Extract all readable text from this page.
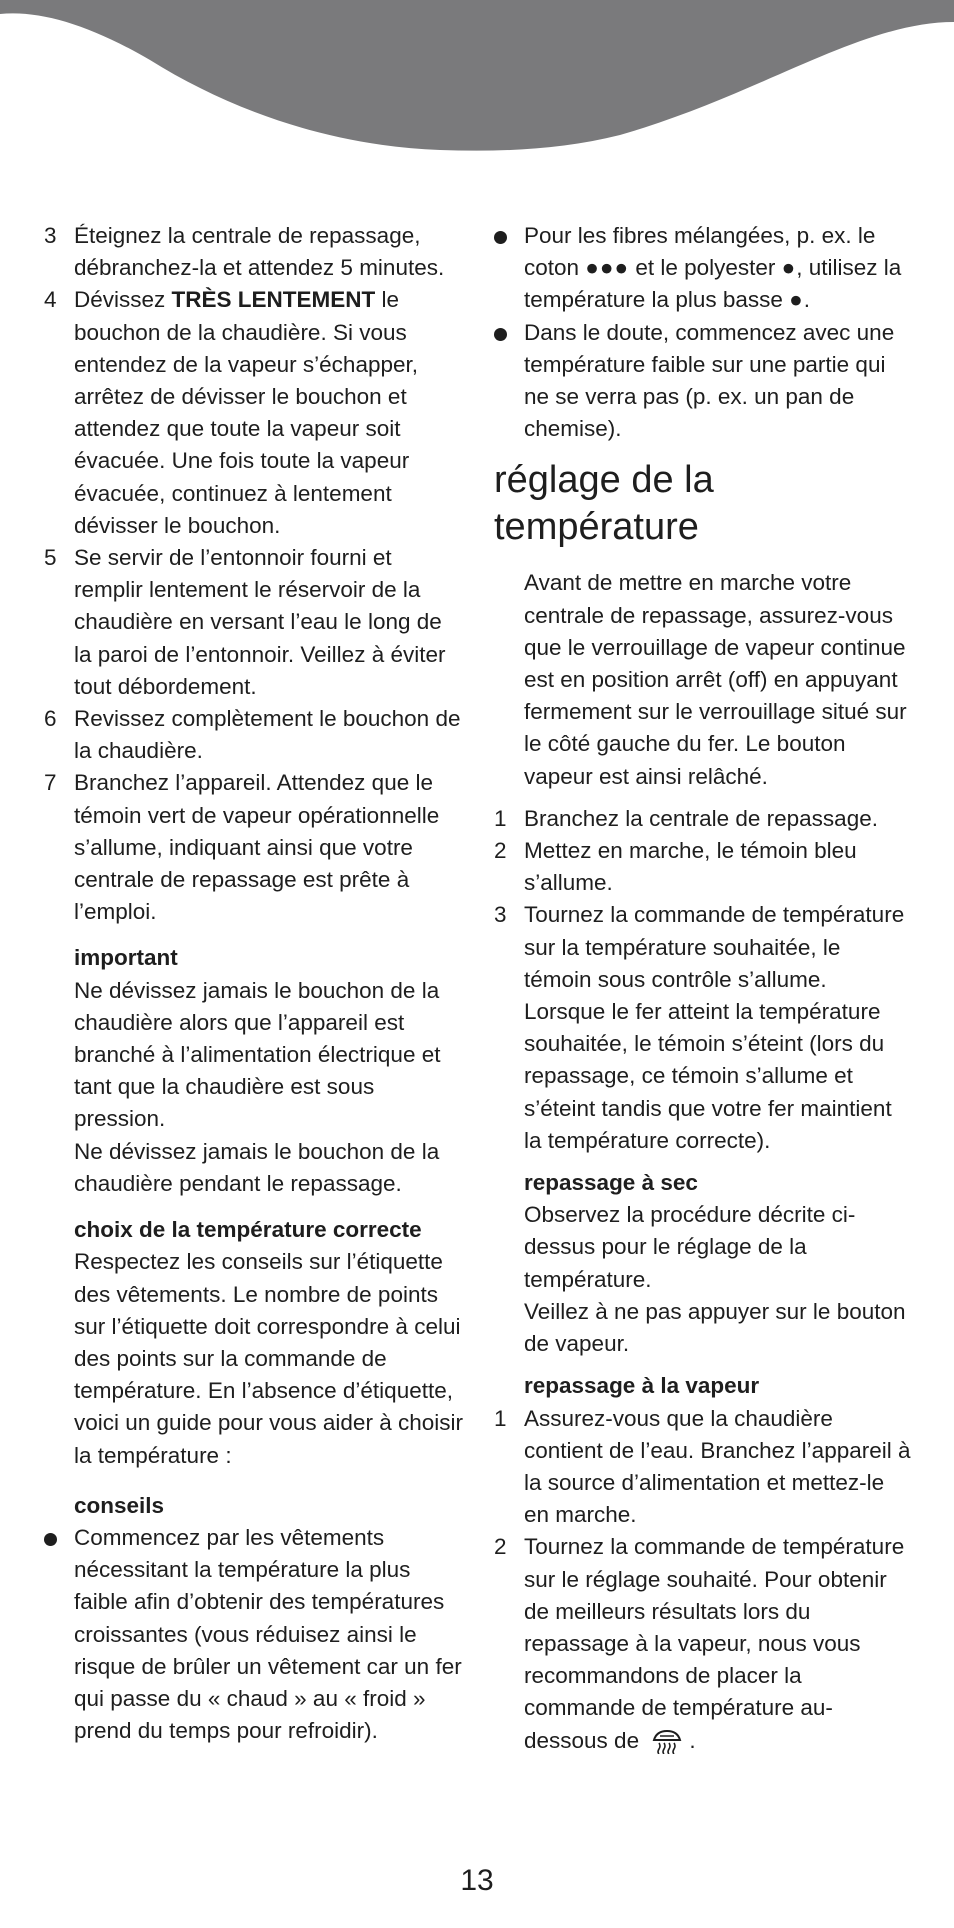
3 Éteignez la centrale de repassage, débranchez-la et attendez 5 minutes.
4 Dévissez TRÈS LENTEMENT le bouchon de la chaudière. Si vous entendez de la vapeur s’échapper, arrêtez de dévisser le bouchon et attendez que toute la vapeur soit évacuée. Une fois toute la vapeur évacuée, continuez à lentement dévisser le bouchon.
5 Se servir de l’entonnoir fourni et remplir lentement le réservoir de la chaudière en versant l’eau le long de la paroi de l’entonnoir. Veillez à éviter tout débordement.
6 Revissez complètement le bouchon de la chaudière.
7 Branchez l’appareil. Attendez que le témoin vert de vapeur opérationnelle s’allume, indiquant ainsi que votre centrale de repassage est prête à l’emploi.
important
Ne dévissez jamais le bouchon de la chaudière alors que l’appareil est branché à l’alimentation électrique et tant que la chaudière est sous pression.
Ne dévissez jamais le bouchon de la chaudière pendant le repassage.
choix de la température correcte
Respectez les conseils sur l’étiquette des vêtements. Le nombre de points sur l’étiquette doit correspondre à celui des points sur la commande de température. En l’absence d’étiquette, voici un guide pour vous aider à choisir la température :
conseils
Commencez par les vêtements nécessitant la température la plus faible afin d’obtenir des températures croissantes (vous réduisez ainsi le risque de brûler un vêtement car un fer qui passe du « chaud » au « froid » prend du temps pour refroidir).
Pour les fibres mélangées, p. ex. le coton ●●● et le polyester ●, utilisez la température la plus basse ●.
Dans le doute, commencez avec une température faible sur une partie qui ne se verra pas (p. ex. un pan de chemise).
réglage de la température
Avant de mettre en marche votre centrale de repassage, assurez-vous que le verrouillage de vapeur continue est en position arrêt (off) en appuyant fermement sur le verrouillage situé sur le côté gauche du fer. Le bouton vapeur est ainsi relâché.
1 Branchez la centrale de repassage.
2 Mettez en marche, le témoin bleu s’allume.
3 Tournez la commande de température sur la température souhaitée, le témoin sous contrôle s’allume. Lorsque le fer atteint la température souhaitée, le témoin s’éteint (lors du repassage, ce témoin s’allume et s’éteint tandis que votre fer maintient la température correcte).
repassage à sec
Observez la procédure décrite ci-dessus pour le réglage de la température.
Veillez à ne pas appuyer sur le bouton de vapeur.
repassage à la vapeur
1 Assurez-vous que la chaudière contient de l’eau. Branchez l’appareil à la source d’alimentation et mettez-le en marche.
2 Tournez la commande de température sur le réglage souhaité. Pour obtenir de meilleurs résultats lors du repassage à la vapeur, nous vous recommandons de placer la commande de température au-dessous de .
13
